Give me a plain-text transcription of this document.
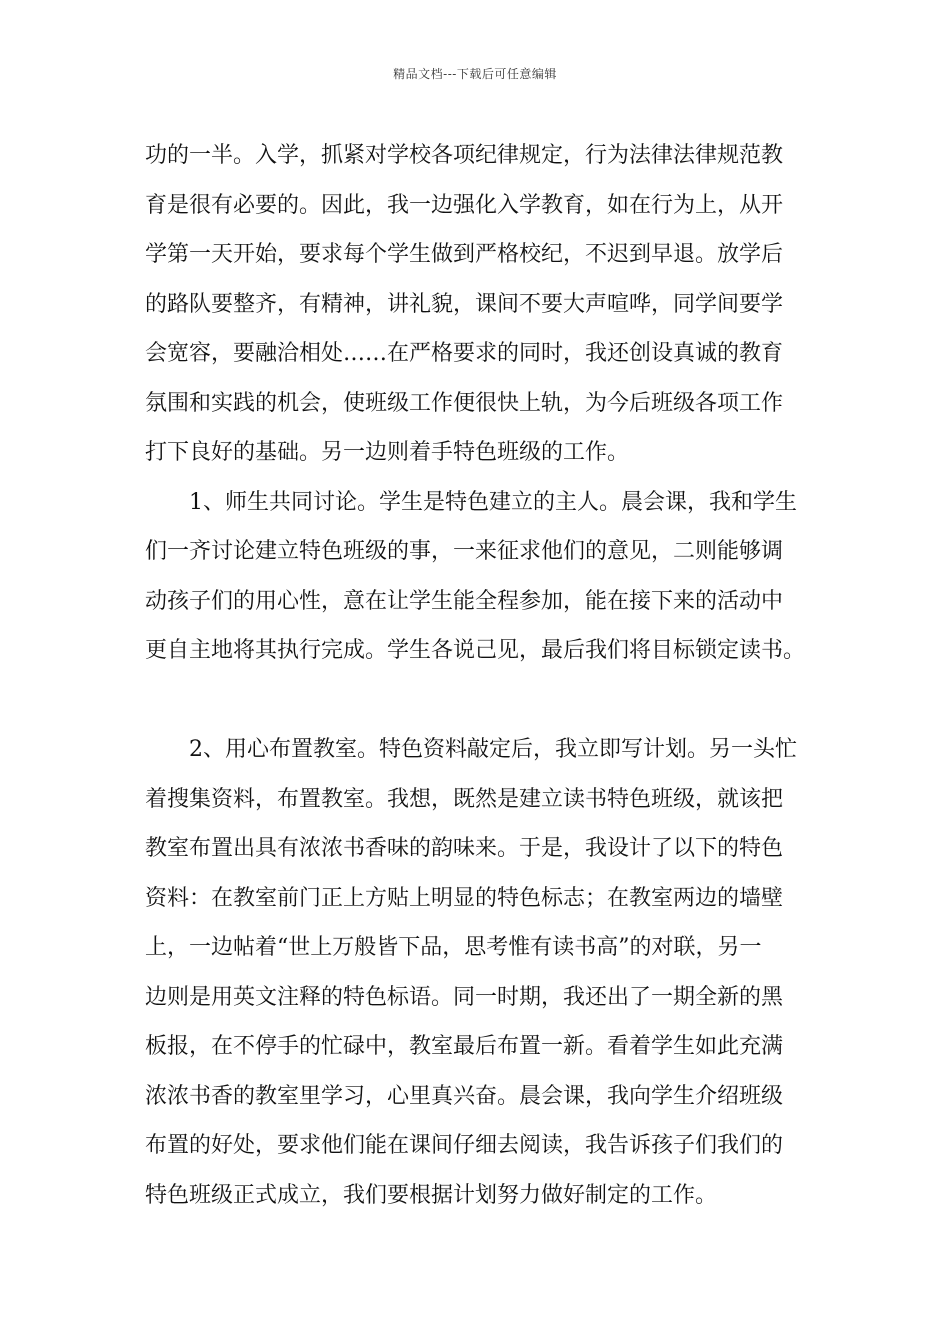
精品文档---下载后可任意编辑
功的一半。入学，抓紧对学校各项纪律规定，行为法律法律规范教
育是很有必要的。因此，我一边强化入学教育，如在行为上，从开
学第一天开始，要求每个学生做到严格校纪，不迟到早退。放学后
的路队要整齐，有精神，讲礼貌，课间不要大声喧哗，同学间要学
会宽容，要融洽相处……在严格要求的同时，我还创设真诚的教育
氛围和实践的机会，使班级工作便很快上轨，为今后班级各项工作
打下良好的基础。另一边则着手特色班级的工作。
1、师生共同讨论。学生是特色建立的主人。晨会课，我和学生
们一齐讨论建立特色班级的事，一来征求他们的意见，二则能够调
动孩子们的用心性，意在让学生能全程参加，能在接下来的活动中
更自主地将其执行完成。学生各说己见，最后我们将目标锁定读书。
2、用心布置教室。特色资料敲定后，我立即写计划。另一头忙
着搜集资料，布置教室。我想，既然是建立读书特色班级，就该把
教室布置出具有浓浓书香味的韵味来。于是，我设计了以下的特色
资料：在教室前门正上方贴上明显的特色标志；在教室两边的墙壁
上，一边帖着“世上万般皆下品，思考惟有读书高”的对联，另一
边则是用英文注释的特色标语。同一时期，我还出了一期全新的黑
板报，在不停手的忙碌中，教室最后布置一新。看着学生如此充满
浓浓书香的教室里学习，心里真兴奋。晨会课，我向学生介绍班级
布置的好处，要求他们能在课间仔细去阅读，我告诉孩子们我们的
特色班级正式成立，我们要根据计划努力做好制定的工作。
